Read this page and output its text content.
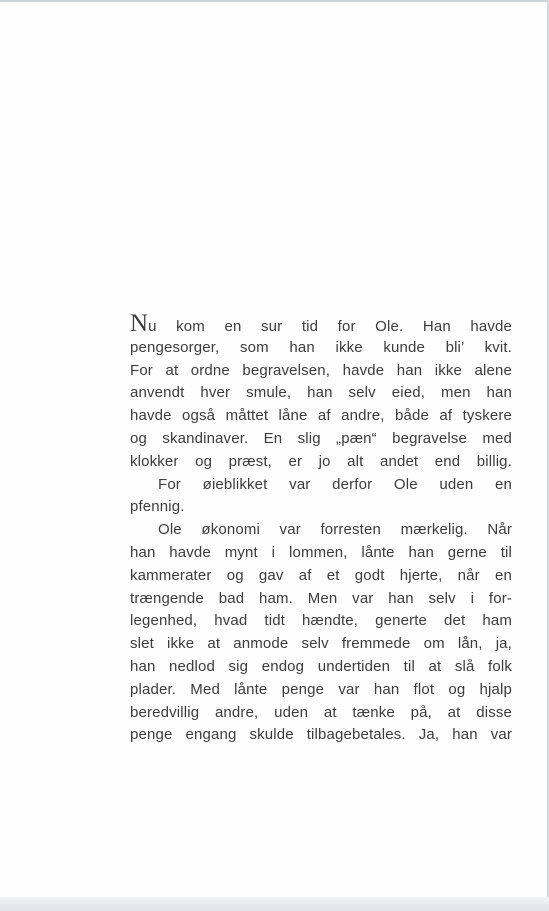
Nu kom en sur tid for Ole. Han havde
pengesorger, som han ikke kunde bli’ kvit.
For at ordne begravelsen, havde han ikke alene
anvendt hver smule, han selv eied, men han
havde også måttet låne af andre, både af tyskere
og skandinaver. En slig „pæn“ begravelse med
klokker og præst, er jo alt andet end billig.
For øieblikket var derfor Ole uden en
pfennig.
Ole økonomi var forresten mærkelig. Når
han havde mynt i lommen, lånte han gerne til
kammerater og gav af et godt hjerte, når en
trængende bad ham. Men var han selv i for-
legenhed, hvad tidt hændte, generte det ham
slet ikke at anmode selv fremmede om lån, ja,
han nedlod sig endog undertiden til at slå folk
plader. Med lånte penge var han flot og hjalp
beredvillig andre, uden at tænke på, at disse
penge engang skulde tilbagebetales. Ja, han var
